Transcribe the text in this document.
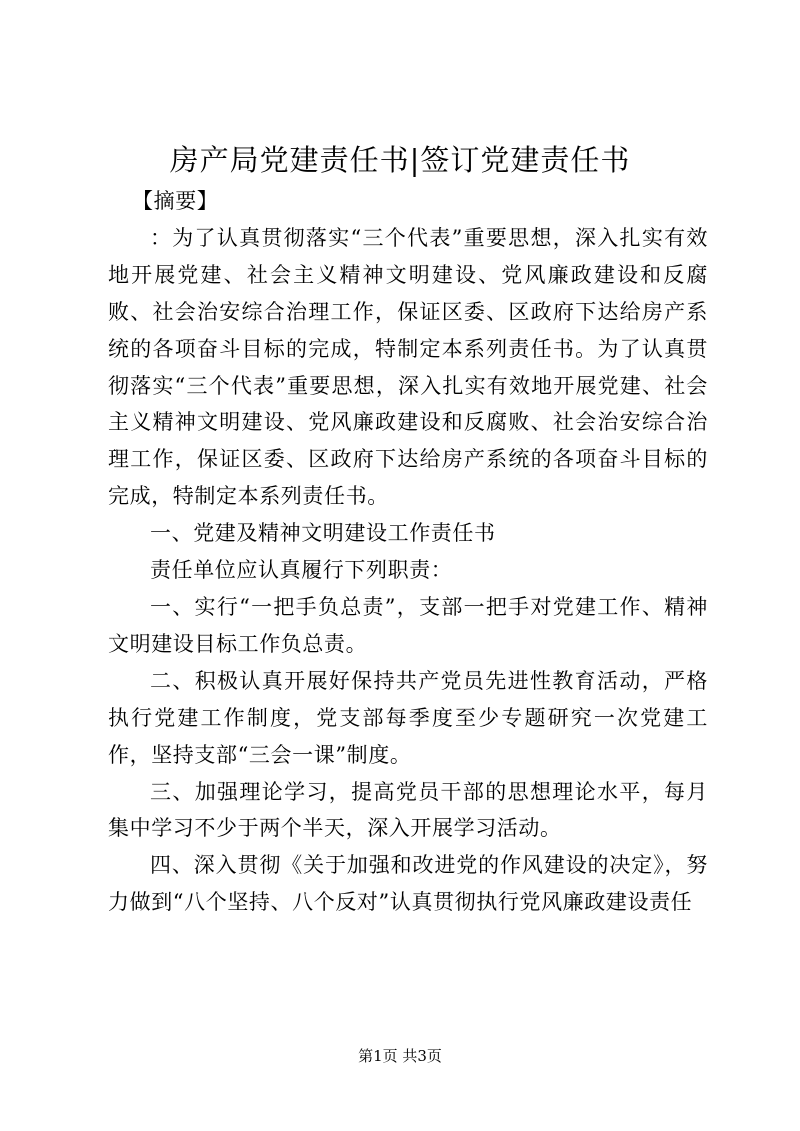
房产局党建责任书|签订党建责任书

【摘要】

：为了认真贯彻落实“三个代表”重要思想，深入扎实有效地开展党建、社会主义精神文明建设、党风廉政建设和反腐败、社会治安综合治理工作，保证区委、区政府下达给房产系统的各项奋斗目标的完成，特制定本系列责任书。为了认真贯彻落实“三个代表”重要思想，深入扎实有效地开展党建、社会主义精神文明建设、党风廉政建设和反腐败、社会治安综合治理工作，保证区委、区政府下达给房产系统的各项奋斗目标的完成，特制定本系列责任书。

一、党建及精神文明建设工作责任书

责任单位应认真履行下列职责：

一、实行“一把手负总责”，支部一把手对党建工作、精神文明建设目标工作负总责。

二、积极认真开展好保持共产党员先进性教育活动，严格执行党建工作制度，党支部每季度至少专题研究一次党建工作，坚持支部“三会一课”制度。

三、加强理论学习，提高党员干部的思想理论水平，每月集中学习不少于两个半天，深入开展学习活动。

四、深入贯彻《关于加强和改进党的作风建设的决定》，努力做到“八个坚持、八个反对”认真贯彻执行党风廉政建设责任

第1页 共3页
